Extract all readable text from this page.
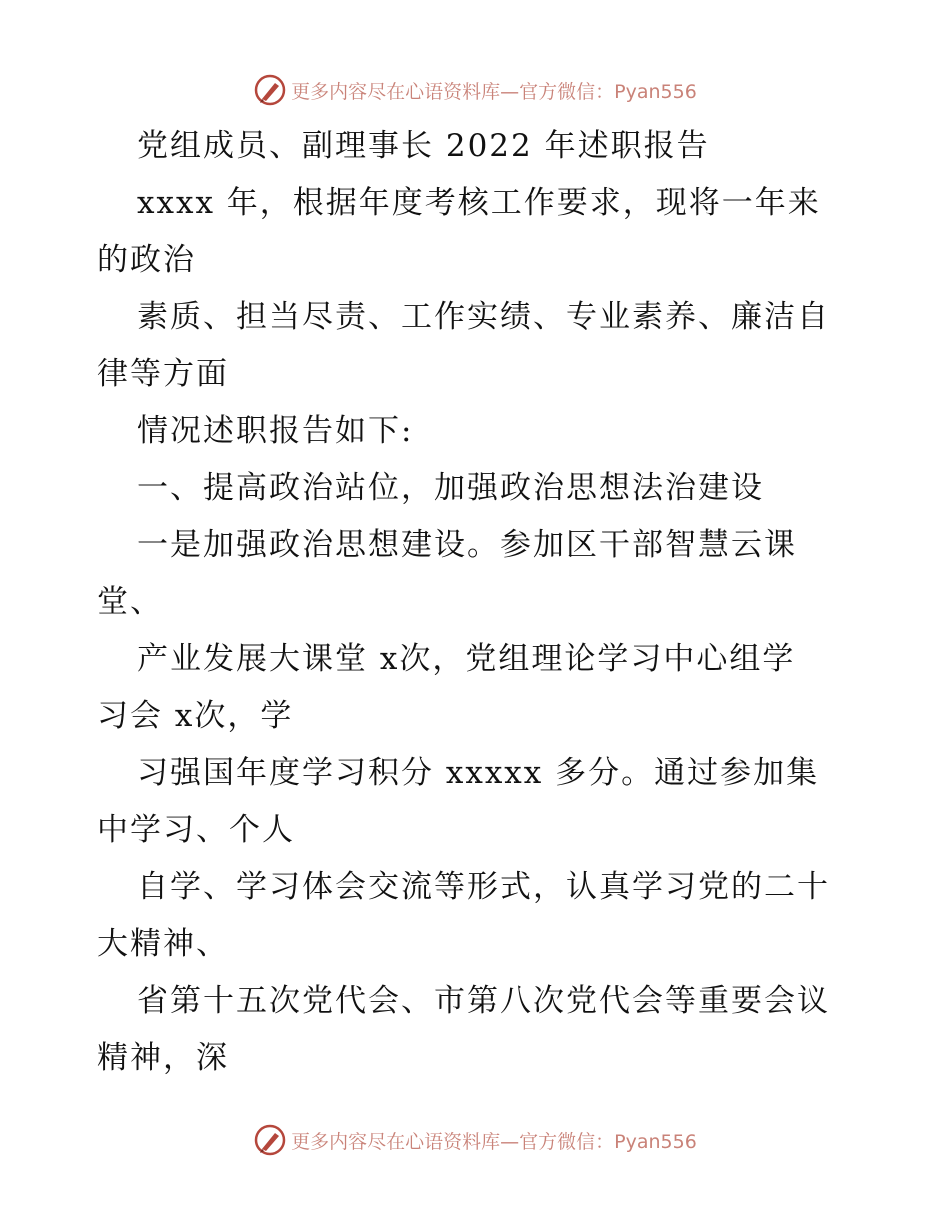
更多内容尽在心语资料库—官方微信：Pyan556
党组成员、副理事长 2022 年述职报告
xxxx 年，根据年度考核工作要求，现将一年来
的政治
素质、担当尽责、工作实绩、专业素养、廉洁自
律等方面
情况述职报告如下:
一、提高政治站位，加强政治思想法治建设
一是加强政治思想建设。参加区干部智慧云课
堂、
产业发展大课堂 x次，党组理论学习中心组学
习会 x次，学
习强国年度学习积分 xxxxx 多分。通过参加集
中学习、个人
自学、学习体会交流等形式，认真学习党的二十
大精神、
省第十五次党代会、市第八次党代会等重要会议
精神，深
更多内容尽在心语资料库—官方微信：Pyan556
